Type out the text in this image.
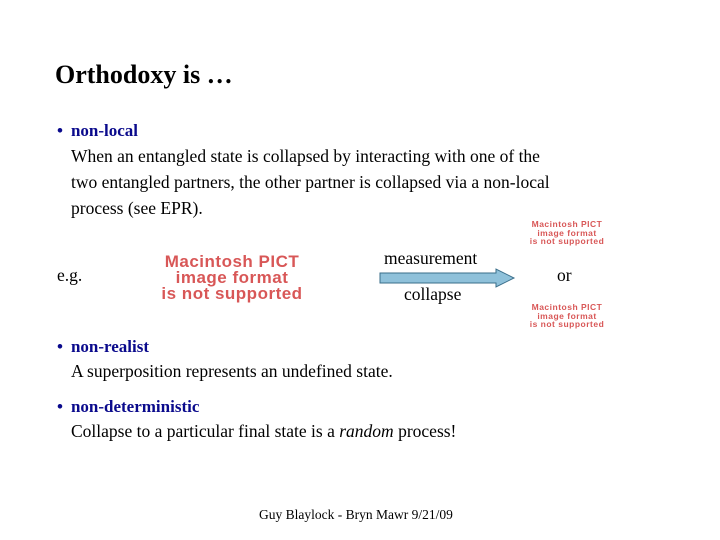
Orthodoxy is …
• non-local
When an entangled state is collapsed by interacting with one of the
two entangled partners, the other partner is collapsed via a non-local
process (see EPR).
e.g.
Macintosh PICT
image format
is not supported
measurement
collapse
Macintosh PICT
image format
is not supported
or
Macintosh PICT
image format
is not supported
• non-realist
A superposition represents an undefined state.
• non-deterministic
Collapse to a particular final state is a random process!
Guy Blaylock - Bryn Mawr 9/21/09
